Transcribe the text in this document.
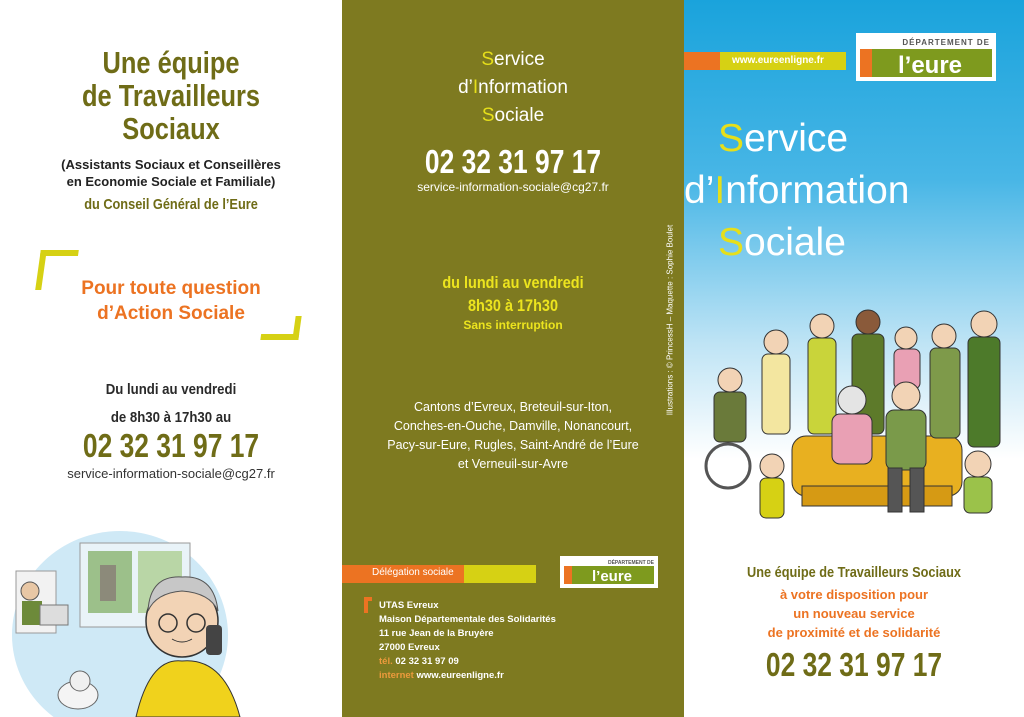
Une équipe
de Travailleurs
Sociaux
(Assistants Sociaux et Conseillères
en Economie Sociale et Familiale)
du Conseil Général de l’Eure
Pour toute question
d’Action Sociale
Du lundi au vendredi
de 8h30 à 17h30 au
02 32 31 97 17
service-information-sociale@cg27.fr
Service
d’Information
Sociale
02 32 31 97 17
service-information-sociale@cg27.fr
Illustrations : © PrincessH – Maquette : Sophie Boulet
du lundi au vendredi
8h30 à 17h30
Sans interruption
Cantons d’Evreux, Breteuil-sur-Iton,
Conches-en-Ouche, Damville, Nonancourt,
Pacy-sur-Eure, Rugles, Saint-André de l’Eure
et Verneuil-sur-Avre
Délégation sociale
DÉPARTEMENT DE
l’eure
UTAS Evreux
Maison Départementale des Solidarités
11 rue Jean de la Bruyère
27000 Evreux
tél. 02 32 31 97 09
internet www.eureenligne.fr
www.eureenligne.fr
DÉPARTEMENT DE
l’eure
Service
d’Information
Sociale
Une équipe de Travailleurs Sociaux
à votre disposition pour
un nouveau service
de proximité et de solidarité
02 32 31 97 17
